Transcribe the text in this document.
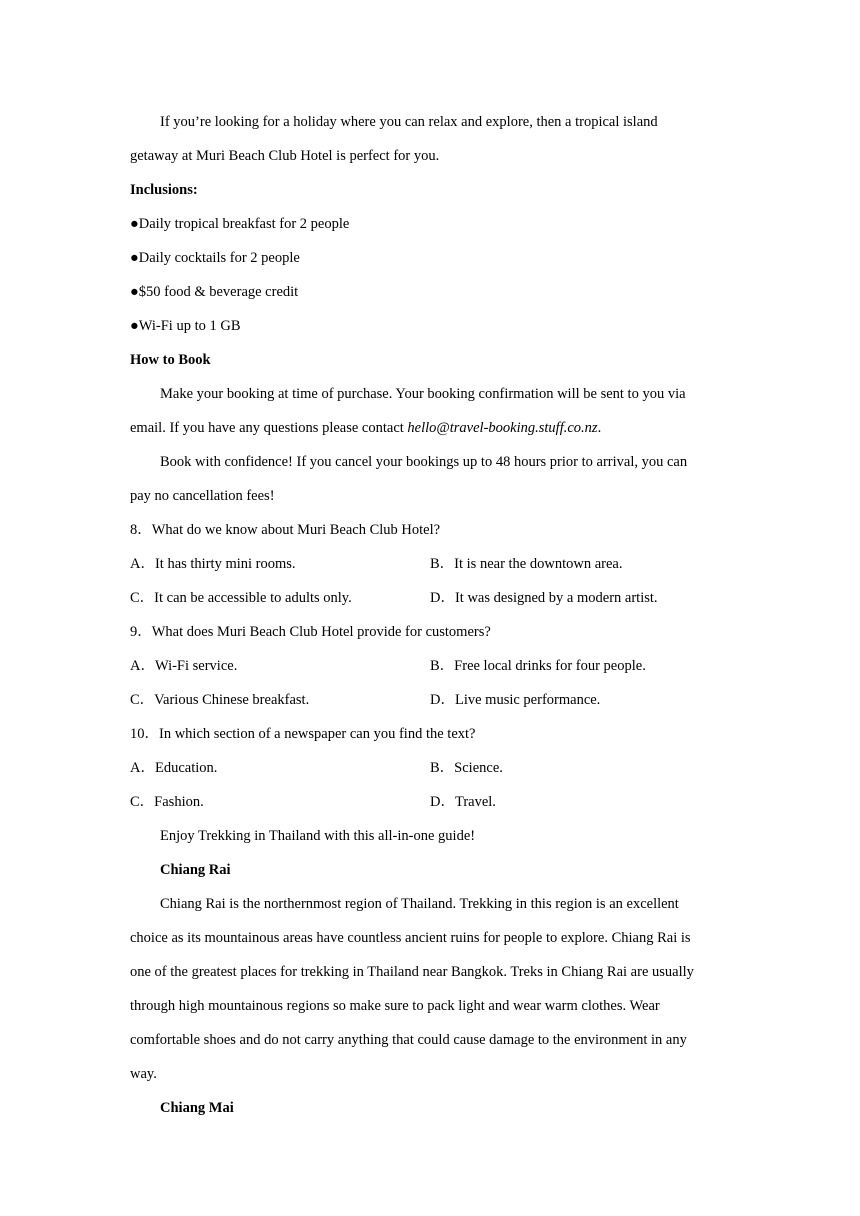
If you’re looking for a holiday where you can relax and explore, then a tropical island
getaway at Muri Beach Club Hotel is perfect for you.
Inclusions:
●Daily tropical breakfast for 2 people
●Daily cocktails for 2 people
●$50 food & beverage credit
●Wi-Fi up to 1 GB
How to Book
Make your booking at time of purchase. Your booking confirmation will be sent to you via
email. If you have any questions please contact hello@travel-booking.stuff.co.nz.
Book with confidence! If you cancel your bookings up to 48 hours prior to arrival, you can
pay no cancellation fees!
8．What do we know about Muri Beach Club Hotel?
A．It has thirty mini rooms.	B．It is near the downtown area.
C．It can be accessible to adults only.	D．It was designed by a modern artist.
9．What does Muri Beach Club Hotel provide for customers?
A．Wi-Fi service.	B．Free local drinks for four people.
C．Various Chinese breakfast.	D．Live music performance.
10．In which section of a newspaper can you find the text?
A．Education.	B．Science.
C．Fashion.	D．Travel.
Enjoy Trekking in Thailand with this all-in-one guide!
Chiang Rai
Chiang Rai is the northernmost region of Thailand. Trekking in this region is an excellent
choice as its mountainous areas have countless ancient ruins for people to explore. Chiang Rai is
one of the greatest places for trekking in Thailand near Bangkok. Treks in Chiang Rai are usually
through high mountainous regions so make sure to pack light and wear warm clothes. Wear
comfortable shoes and do not carry anything that could cause damage to the environment in any
way.
Chiang Mai
